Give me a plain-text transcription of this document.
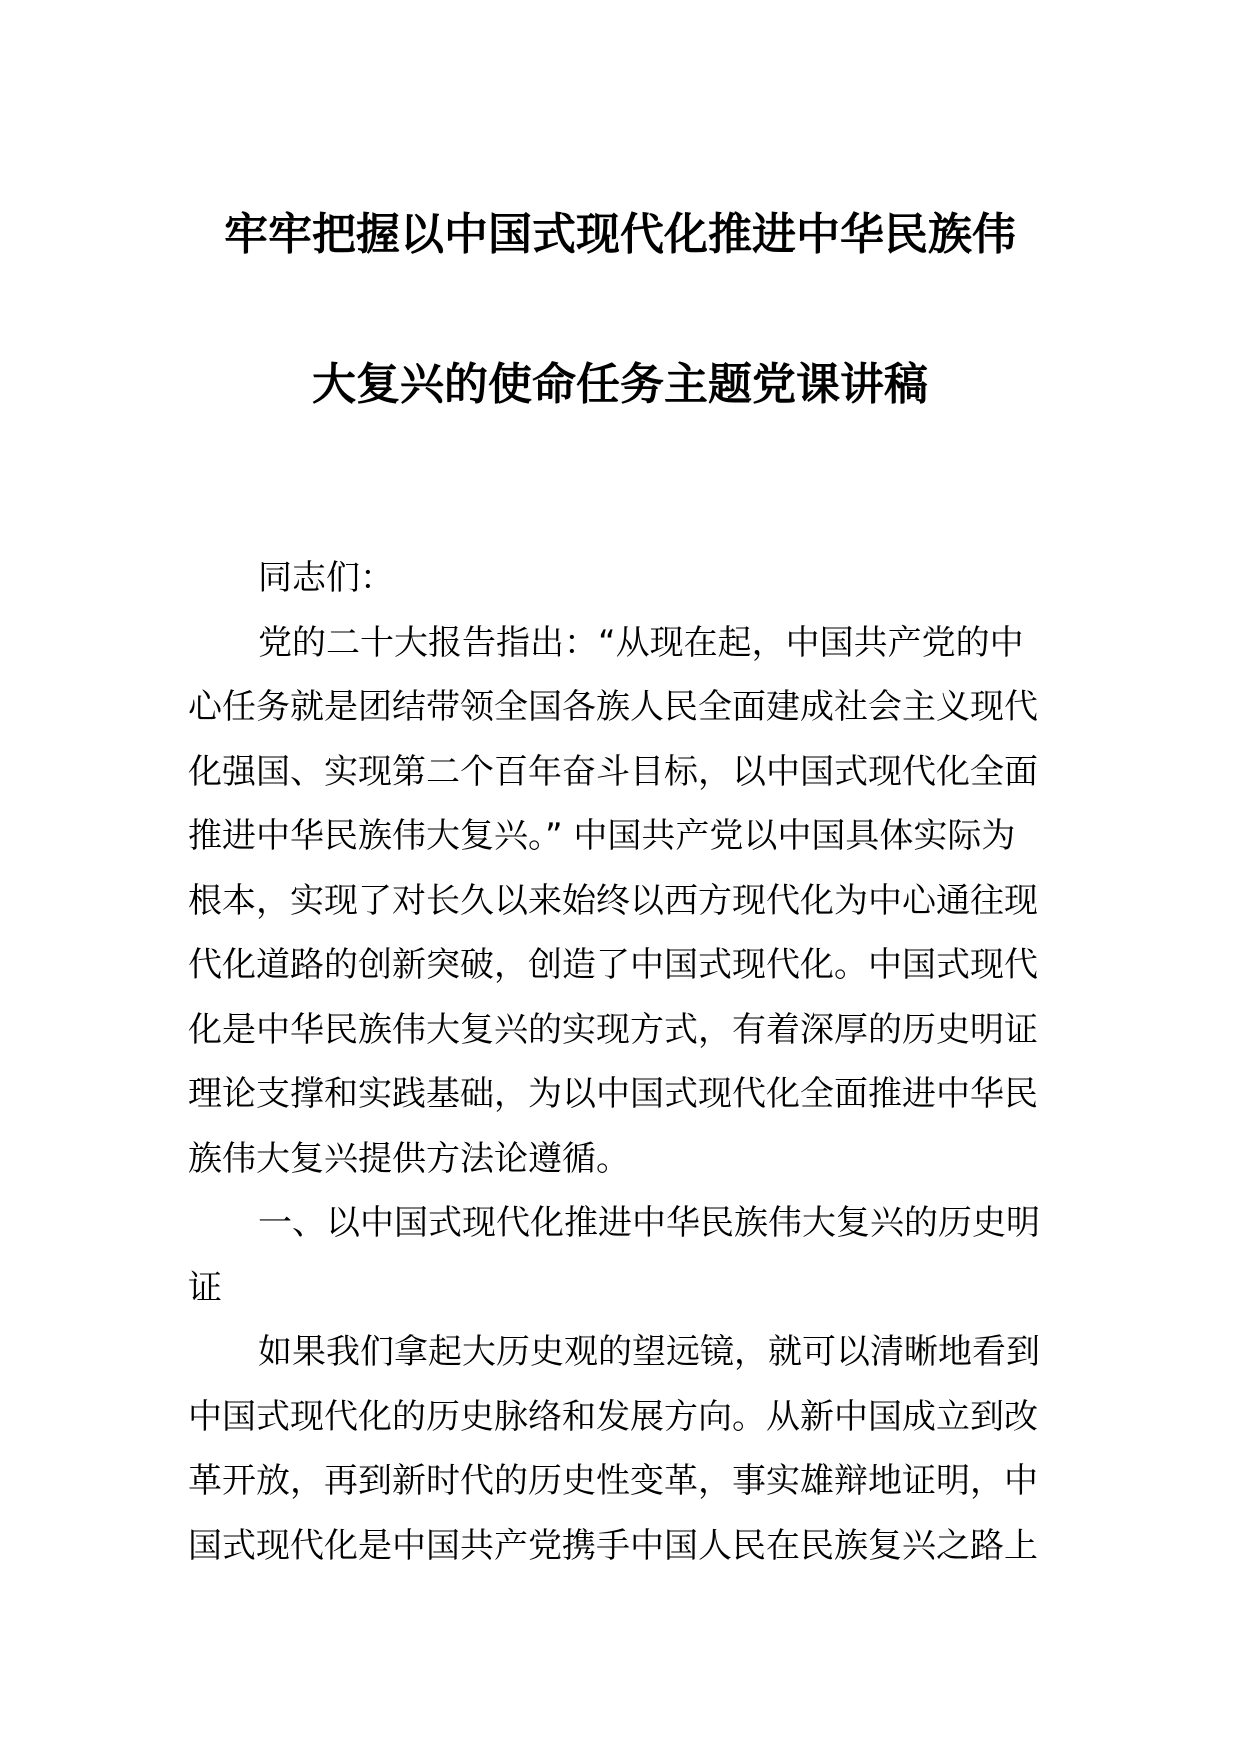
牢牢把握以中国式现代化推进中华民族伟
大复兴的使命任务主题党课讲稿
同志们：
党的二十大报告指出：“从现在起，中国共产党的中
心任务就是团结带领全国各族人民全面建成社会主义现代
化强国、实现第二个百年奋斗目标，以中国式现代化全面
推进中华民族伟大复兴。” 中国共产党以中国具体实际为
根本，实现了对长久以来始终以西方现代化为中心通往现
代化道路的创新突破，创造了中国式现代化。中国式现代
化是中华民族伟大复兴的实现方式，有着深厚的历史明证
理论支撑和实践基础，为以中国式现代化全面推进中华民
族伟大复兴提供方法论遵循。
一、以中国式现代化推进中华民族伟大复兴的历史明
证
如果我们拿起大历史观的望远镜，就可以清晰地看到
中国式现代化的历史脉络和发展方向。从新中国成立到改
革开放，再到新时代的历史性变革，事实雄辩地证明，中
国式现代化是中国共产党携手中国人民在民族复兴之路上
